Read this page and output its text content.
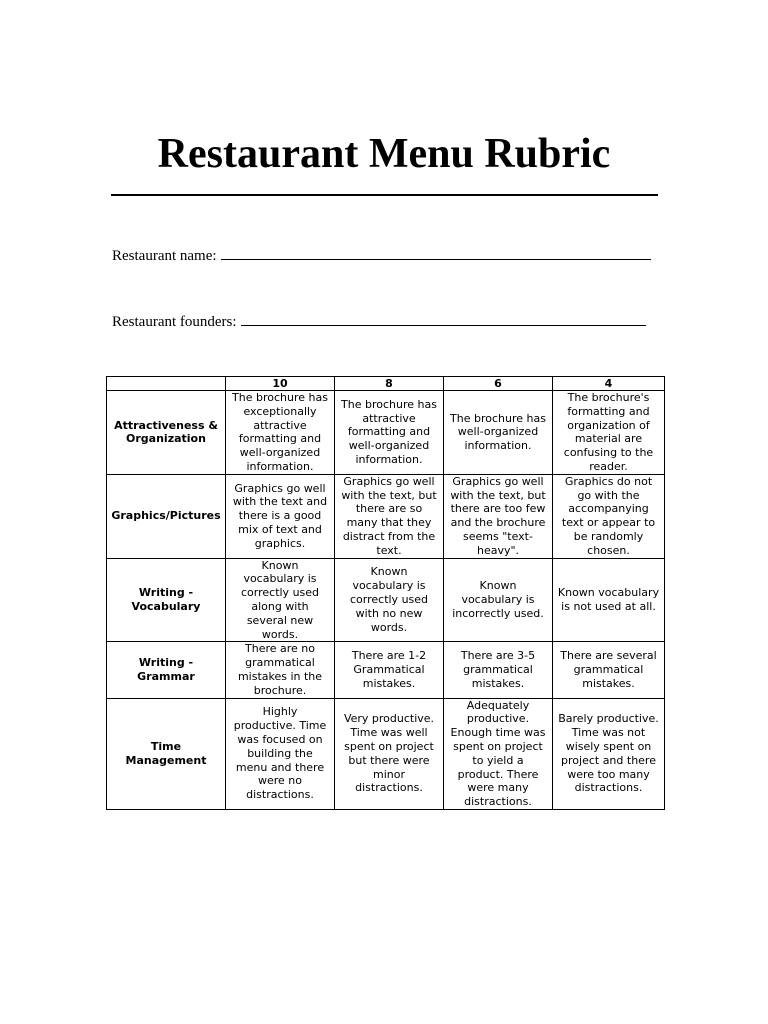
Restaurant Menu Rubric
Restaurant name:
Restaurant founders:
	10	8	6	4
Attractiveness & Organization	The brochure has exceptionally attractive formatting and well-organized information.	The brochure has attractive formatting and well-organized information.	The brochure has well-organized information.	The brochure's formatting and organization of material are confusing to the reader.
Graphics/Pictures	Graphics go well with the text and there is a good mix of text and graphics.	Graphics go well with the text, but there are so many that they distract from the text.	Graphics go well with the text, but there are too few and the brochure seems "text-heavy".	Graphics do not go with the accompanying text or appear to be randomly chosen.
Writing - Vocabulary	Known vocabulary is correctly used along with several new words.	Known vocabulary is correctly used with no new words.	Known vocabulary is incorrectly used.	Known vocabulary is not used at all.
Writing - Grammar	There are no grammatical mistakes in the brochure.	There are 1-2 Grammatical mistakes.	There are 3-5 grammatical mistakes.	There are several grammatical mistakes.
Time Management	Highly productive. Time was focused on building the menu and there were no distractions.	Very productive. Time was well spent on project but there were minor distractions.	Adequately productive. Enough time was spent on project to yield a product. There were many distractions.	Barely productive. Time was not wisely spent on project and there were too many distractions.
